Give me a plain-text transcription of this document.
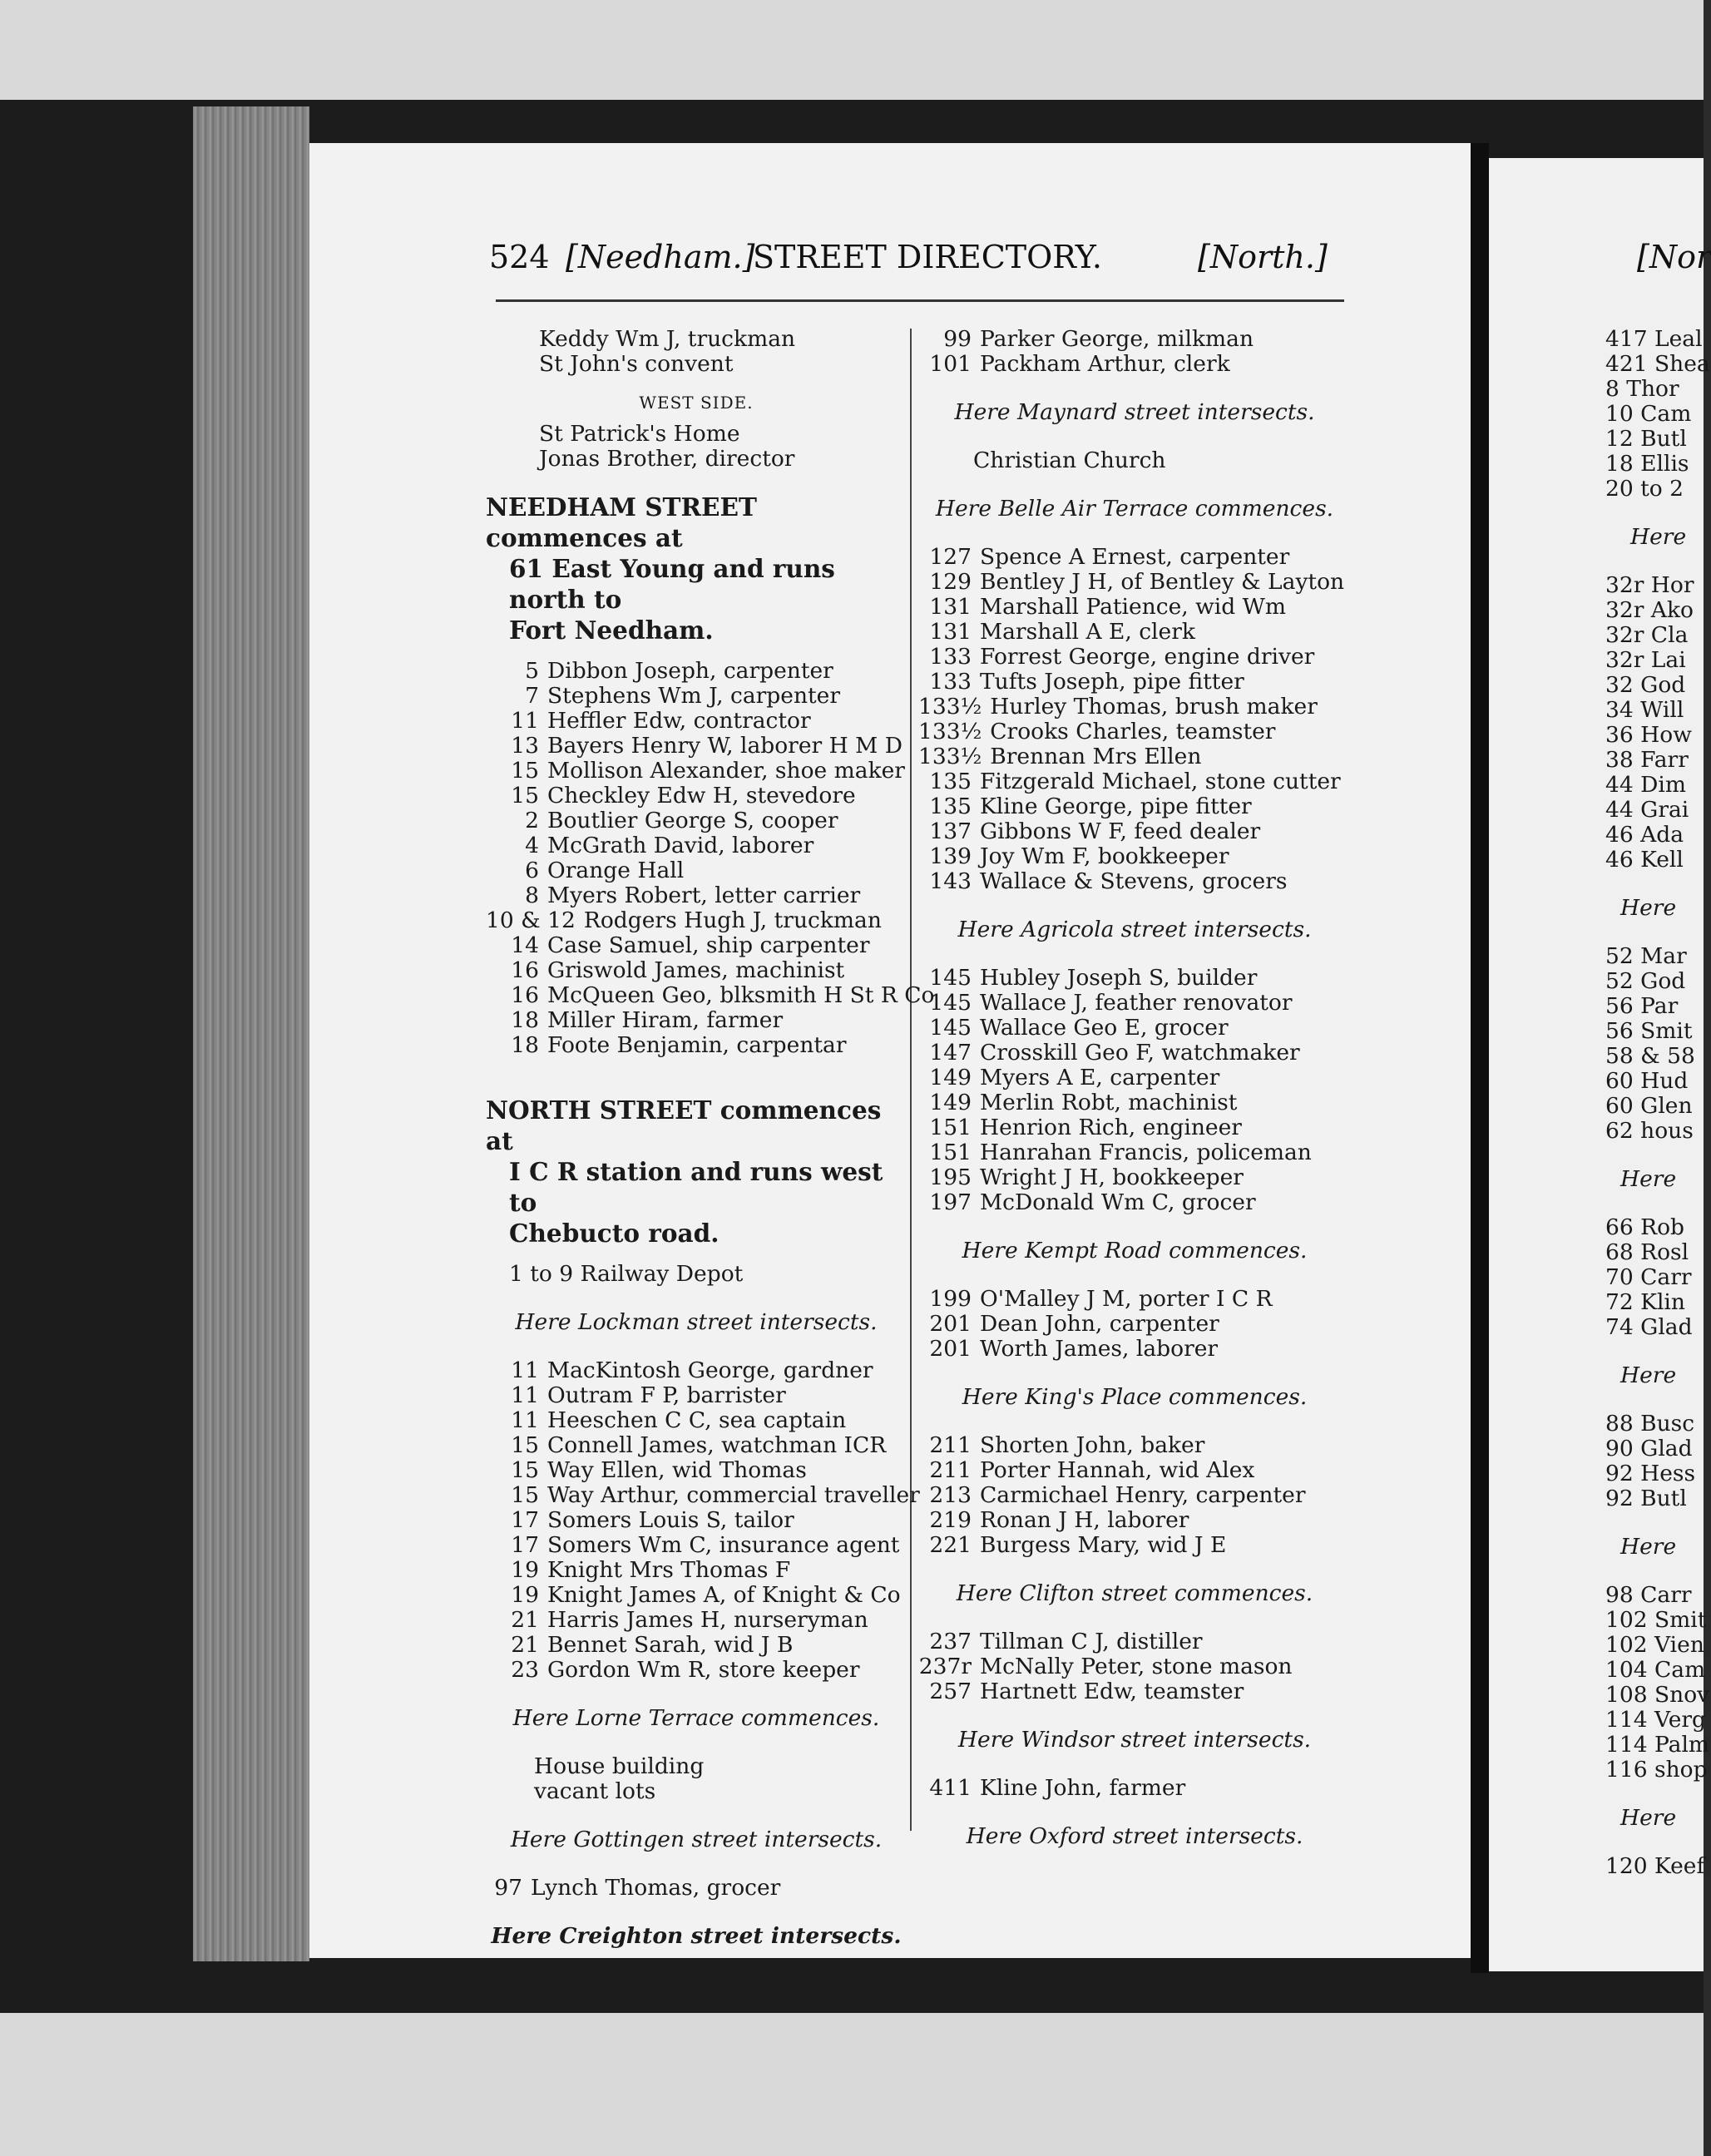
524 [Needham.]
STREET DIRECTORY.	[North.]	[Nor
Keddy Wm J, truckman
St John's convent
WEST SIDE.
St Patrick's Home
Jonas Brother, director
NEEDHAM STREET commences at
61 East Young and runs north to
Fort Needham.
5 Dibbon Joseph, carpenter
7 Stephens Wm J, carpenter
11 Heffler Edw, contractor
13 Bayers Henry W, laborer H M D
15 Mollison Alexander, shoe maker
15 Checkley Edw H, stevedore
2 Boutlier George S, cooper
4 McGrath David, laborer
6 Orange Hall
8 Myers Robert, letter carrier
10 & 12 Rodgers Hugh J, truckman
14 Case Samuel, ship carpenter
16 Griswold James, machinist
16 McQueen Geo, blksmith H St R Co
18 Miller Hiram, farmer
18 Foote Benjamin, carpentar
NORTH STREET commences at
I C R station and runs west to
Chebucto road.
1 to 9 Railway Depot
Here Lockman street intersects.
11 MacKintosh George, gardner
11 Outram F P, barrister
11 Heeschen C C, sea captain
15 Connell James, watchman ICR
15 Way Ellen, wid Thomas
15 Way Arthur, commercial traveller
17 Somers Louis S, tailor
17 Somers Wm C, insurance agent
19 Knight Mrs Thomas F
19 Knight James A, of Knight & Co
21 Harris James H, nurseryman
21 Bennet Sarah, wid J B
23 Gordon Wm R, store keeper
Here Lorne Terrace commences.
House building
vacant lots
Here Gottingen street intersects.
97 Lynch Thomas, grocer
Here Creighton street intersects.
99 Parker George, milkman
101 Packham Arthur, clerk
Here Maynard street intersects.
Christian Church
Here Belle Air Terrace commences.
127 Spence A Ernest, carpenter
129 Bentley J H, of Bentley & Layton
131 Marshall Patience, wid Wm
131 Marshall A E, clerk
133 Forrest George, engine driver
133 Tufts Joseph, pipe fitter
133½ Hurley Thomas, brush maker
133½ Crooks Charles, teamster
133½ Brennan Mrs Ellen
135 Fitzgerald Michael, stone cutter
135 Kline George, pipe fitter
137 Gibbons W F, feed dealer
139 Joy Wm F, bookkeeper
143 Wallace & Stevens, grocers
Here Agricola street intersects.
145 Hubley Joseph S, builder
145 Wallace J, feather renovator
145 Wallace Geo E, grocer
147 Crosskill Geo F, watchmaker
149 Myers A E, carpenter
149 Merlin Robt, machinist
151 Henrion Rich, engineer
151 Hanrahan Francis, policeman
195 Wright J H, bookkeeper
197 McDonald Wm C, grocer
Here Kempt Road commences.
199 O'Malley J M, porter I C R
201 Dean John, carpenter
201 Worth James, laborer
Here King's Place commences.
211 Shorten John, baker
211 Porter Hannah, wid Alex
213 Carmichael Henry, carpenter
219 Ronan J H, laborer
221 Burgess Mary, wid J E
Here Clifton street commences.
237 Tillman C J, distiller
237r McNally Peter, stone mason
257 Hartnett Edw, teamster
Here Windsor street intersects.
411 Kline John, farmer
Here Oxford street intersects.
417 Leal
421 Shea
8 Thor
10 Cam
12 Butl
18 Ellis
20 to 2
Here
32r Hor
32r Ako
32r Cla
32r Lai
32 God
34 Will
36 How
38 Farr
44 Dim
44 Grai
46 Ada
46 Kell
Here
52 Mar
52 God
56 Par
56 Smit
58 & 58
60 Hud
60 Glen
62 hous
Here
66 Rob
68 Rosl
70 Carr
72 Klin
74 Glad
Here
88 Busc
90 Glad
92 Hess
92 Butl
Here
98 Carr
102 Smit
102 Vien
104 Cam
108 Snov
114 Verg
114 Palm
116 shop
Here
120 Keef
